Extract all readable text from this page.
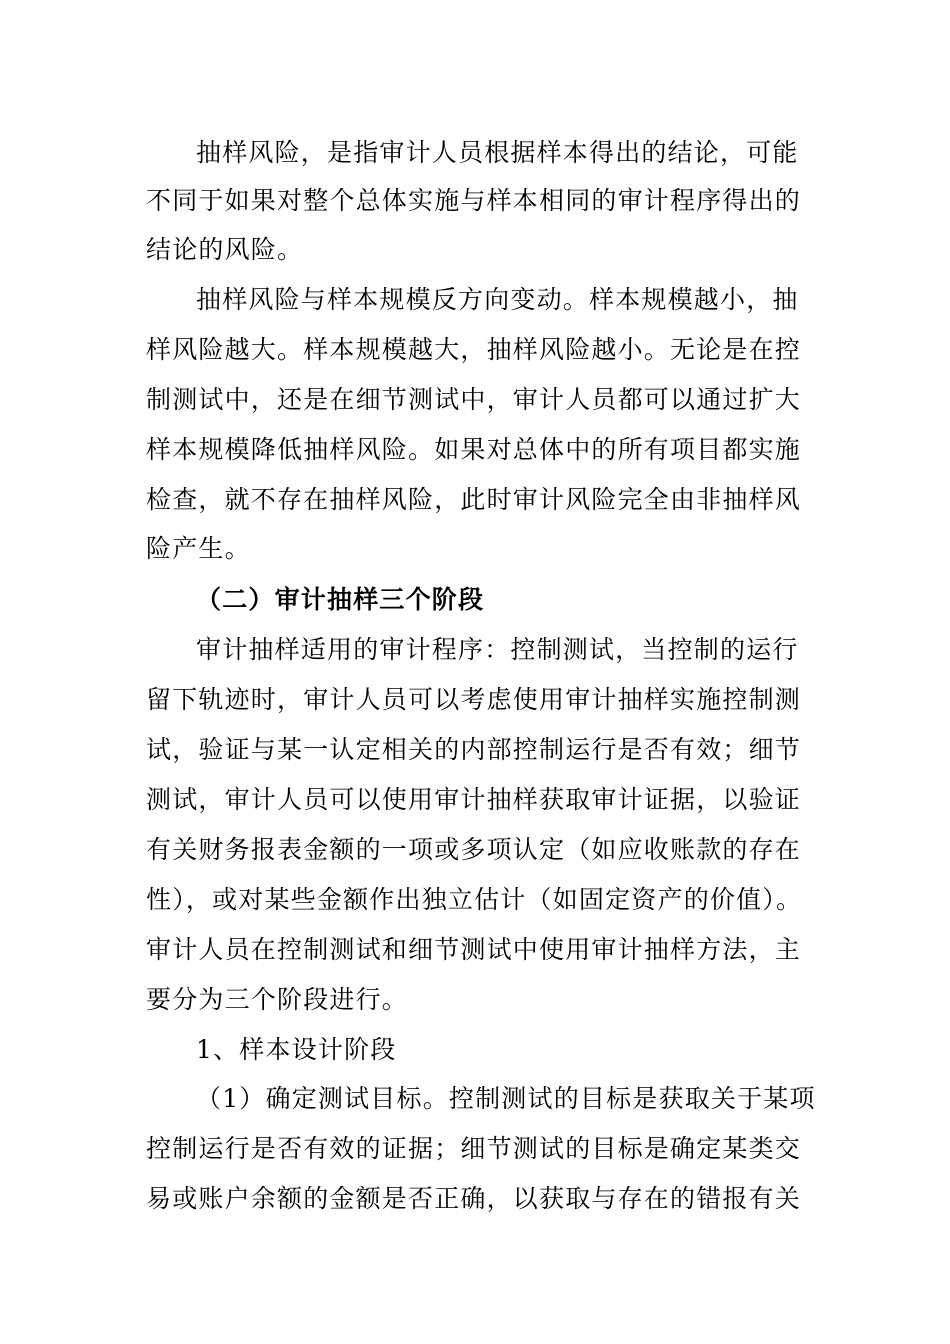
抽样风险，是指审计人员根据样本得出的结论，可能
不同于如果对整个总体实施与样本相同的审计程序得出的
结论的风险。
抽样风险与样本规模反方向变动。样本规模越小，抽
样风险越大。样本规模越大，抽样风险越小。无论是在控
制测试中，还是在细节测试中，审计人员都可以通过扩大
样本规模降低抽样风险。如果对总体中的所有项目都实施
检查，就不存在抽样风险，此时审计风险完全由非抽样风
险产生。
（二）审计抽样三个阶段
审计抽样适用的审计程序：控制测试，当控制的运行
留下轨迹时，审计人员可以考虑使用审计抽样实施控制测
试，验证与某一认定相关的内部控制运行是否有效；细节
测试，审计人员可以使用审计抽样获取审计证据，以验证
有关财务报表金额的一项或多项认定（如应收账款的存在
性），或对某些金额作出独立估计（如固定资产的价值）。
审计人员在控制测试和细节测试中使用审计抽样方法，主
要分为三个阶段进行。
1、样本设计阶段
（1）确定测试目标。控制测试的目标是获取关于某项
控制运行是否有效的证据；细节测试的目标是确定某类交
易或账户余额的金额是否正确，以获取与存在的错报有关
